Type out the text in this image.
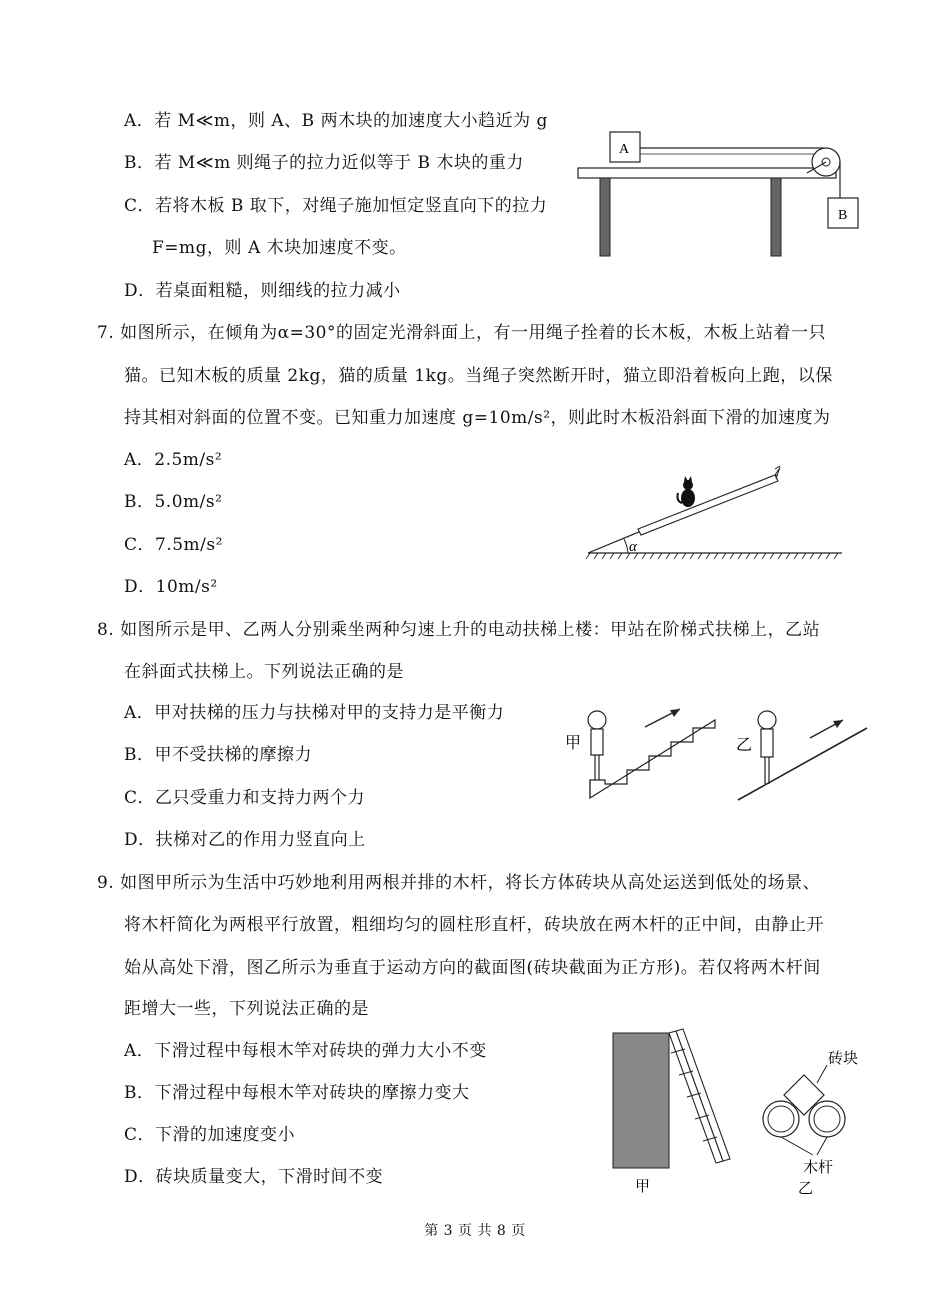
A．若 M≪m，则 A、B 两木块的加速度大小趋近为 g
B．若 M≪m 则绳子的拉力近似等于 B 木块的重力
C．若将木板 B 取下，对绳子施加恒定竖直向下的拉力
F=mg，则 A 木块加速度不变。
D．若桌面粗糙，则细线的拉力减小
A
B
7. 如图所示，在倾角为α=30°的固定光滑斜面上，有一用绳子拴着的长木板，木板上站着一只
猫。已知木板的质量 2kg，猫的质量 1kg。当绳子突然断开时，猫立即沿着板向上跑，以保
持其相对斜面的位置不变。已知重力加速度 g=10m/s²，则此时木板沿斜面下滑的加速度为
A．2.5m/s²
B．5.0m/s²
C．7.5m/s²
D．10m/s²
α
8. 如图所示是甲、乙两人分别乘坐两种匀速上升的电动扶梯上楼：甲站在阶梯式扶梯上，乙站
在斜面式扶梯上。下列说法正确的是
A．甲对扶梯的压力与扶梯对甲的支持力是平衡力
B．甲不受扶梯的摩擦力
C．乙只受重力和支持力两个力
D．扶梯对乙的作用力竖直向上
甲	乙
9. 如图甲所示为生活中巧妙地利用两根并排的木杆，将长方体砖块从高处运送到低处的场景、
将木杆简化为两根平行放置，粗细均匀的圆柱形直杆，砖块放在两木杆的正中间，由静止开
始从高处下滑，图乙所示为垂直于运动方向的截面图(砖块截面为正方形)。若仅将两木杆间
距增大一些，下列说法正确的是
A．下滑过程中每根木竿对砖块的弹力大小不变
B．下滑过程中每根木竿对砖块的摩擦力变大
C．下滑的加速度变小
D．砖块质量变大，下滑时间不变	甲
砖块
木杆
乙
第 3 页 共 8 页
